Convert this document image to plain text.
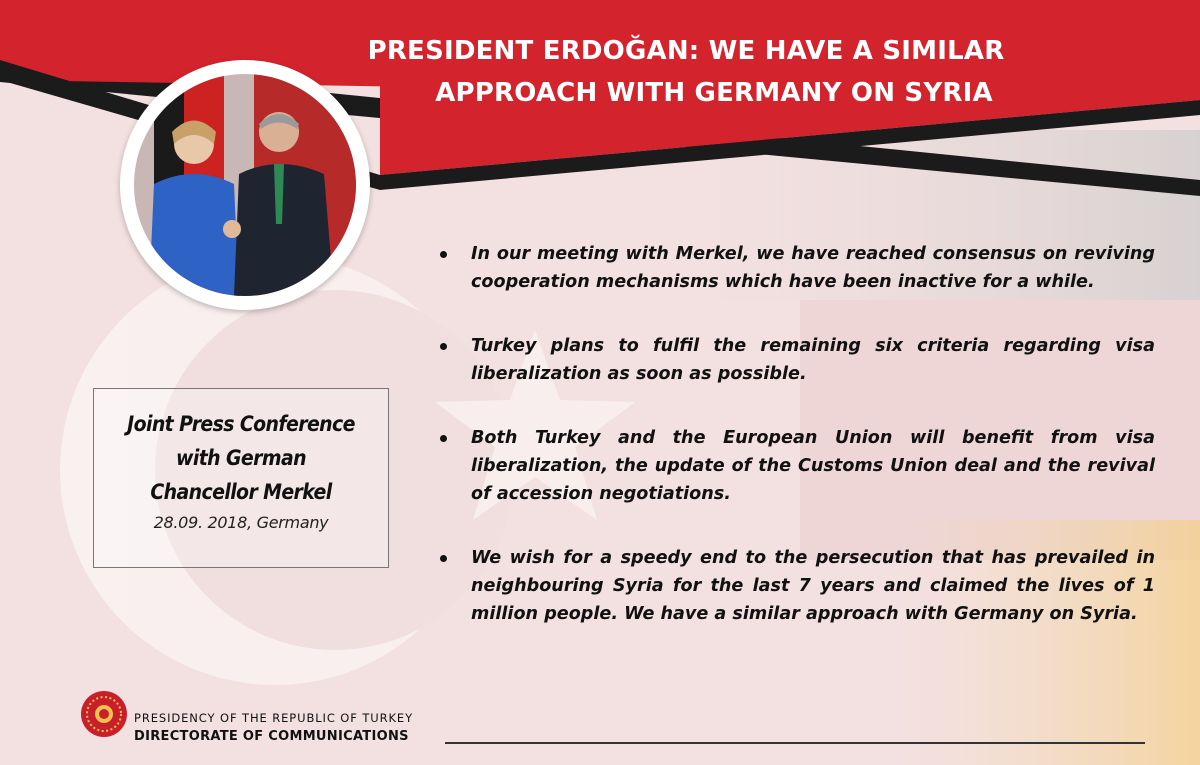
PRESIDENT ERDOĞAN: WE HAVE A SIMILAR
APPROACH WITH GERMANY ON SYRIA
In our meeting with Merkel, we have reached consensus on reviving cooperation mechanisms which have been inactive for a while.
Turkey plans to fulfil the remaining six criteria regarding visa liberalization as soon as possible.
Both Turkey and the European Union will benefit from visa liberalization, the update of the Customs Union deal and the revival of accession negotiations.
We wish for a speedy end to the persecution that has prevailed in neighbouring Syria for the last 7 years and claimed the lives of 1 million people. We have a similar approach with Germany on Syria.
Joint Press Conference
with German
Chancellor Merkel
28.09. 2018, Germany
PRESIDENCY OF THE REPUBLIC OF TURKEY
DIRECTORATE OF COMMUNICATIONS
